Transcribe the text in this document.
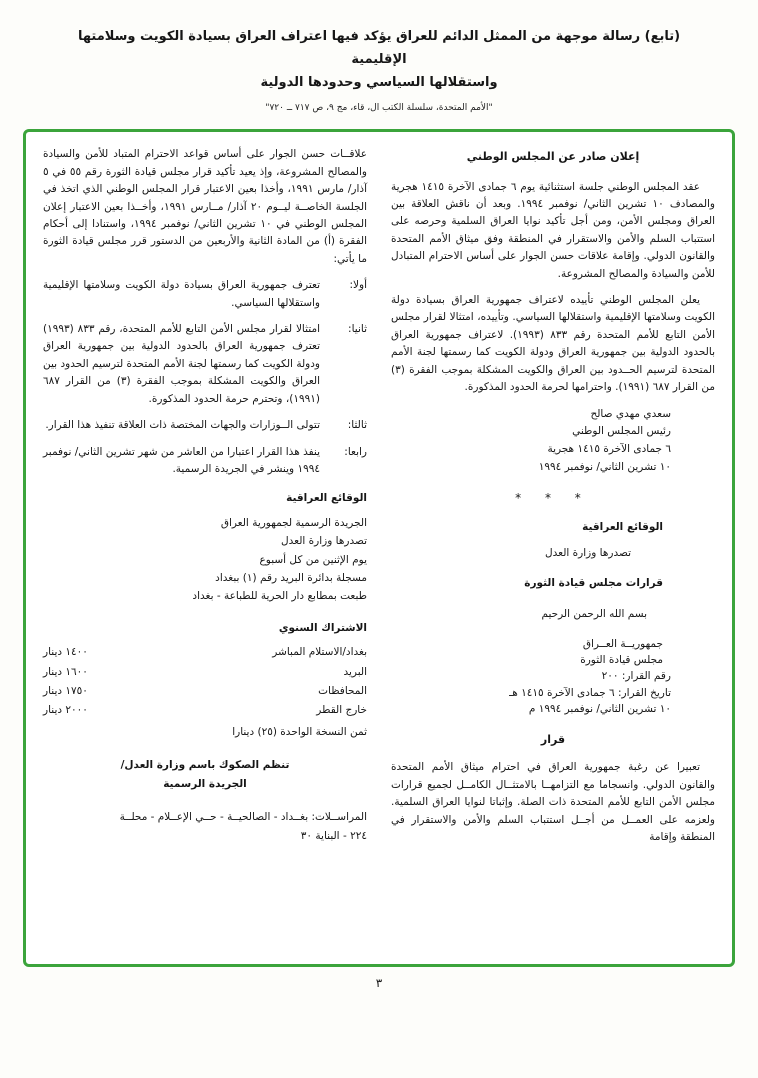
(تابع) رسالة موجهة من الممثل الدائم للعراق يؤكد فيها اعتراف العراق بسيادة الكويت وسلامتها الإقليمية
واستقلالها السياسي وحدودها الدولية
"الأمم المتحدة، سلسلة الكتب ال، قاء، مج ٩، ص ٧١٧ ــ ٧٢٠"
إعلان صادر عن المجلس الوطني

عقد المجلس الوطني جلسة استثنائية يوم ٦ جمادى الآخرة ١٤١٥ هجرية والمصادف ١٠ تشرين الثاني/ نوفمبر ١٩٩٤. وبعد أن ناقش العلاقة بين العراق ومجلس الأمن، ومن أجل تأكيد نوايا العراق السلمية وحرصه على استتباب السلم والأمن والاستقرار في المنطقة وفق ميثاق الأمم المتحدة والقانون الدولي. وإقامة علاقات حسن الجوار على أساس الاحترام المتبادل للأمن والسيادة والمصالح المشروعة.

يعلن المجلس الوطني تأييده لاعتراف جمهورية العراق بسيادة دولة الكويت وسلامتها الإقليمية واستقلالها السياسي. وتأييده، امتثالا لقرار مجلس الأمن التابع للأمم المتحدة رقم ٨٣٣ (١٩٩٣). لاعتراف جمهورية العراق بالحدود الدولية بين جمهورية العراق ودولة الكويت كما رسمتها لجنة الأمم المتحدة لترسيم الحــدود بين العراق والكويت المشكلة بموجب الفقرة (٣) من القرار ٦٨٧ (١٩٩١). واحترامها لحرمة الحدود المذكورة.

سعدي مهدي صالح
رئيس المجلس الوطني
٦ جمادى الآخرة ١٤١٥ هجرية
١٠ تشرين الثاني/ نوفمبر ١٩٩٤
* * *
الوقائع العراقية
تصدرها وزارة العدل
قرارات مجلس قيادة الثورة
بسم الله الرحمن الرحيم
جمهوريــة العــراق
مجلس قيادة الثورة
رقم القرار: ٢٠٠
تاريخ القرار: ٦ جمادى الآخرة ١٤١٥ هـ
١٠ تشرين الثاني/ نوفمبر ١٩٩٤ م
قرار

تعبيرا عن رغبة جمهورية العراق في احترام ميثاق الأمم المتحدة والقانون الدولي. وانسجاما مع التزامهــا بالامتثــال الكامــل لجميع قرارات مجلس الأمن التابع للأمم المتحدة ذات الصلة. وإثباتا لنوايا العراق السلمية. ولعزمه على العمــل من أجــل استتباب السلم والأمن والاستقرار في المنطقة وإقامة

علاقــات حسن الجوار على أساس قواعد الاحترام المتباد للأمن والسيادة والمصالح المشروعة، وإذ يعيد تأكيد قرار مجلس قيادة الثورة رقم ٥٥ في ٥ آذار/ مارس ١٩٩١، وأخذا بعين الاعتبار قرار المجلس الوطني الذي اتخذ في الجلسة الخاصــة ليــوم ٢٠ آذار/ مــارس ١٩٩١، وأخــذا بعين الاعتبار إعلان المجلس الوطني في ١٠ تشرين الثاني/ نوفمبر ١٩٩٤، واستنادا إلى أحكام الفقرة (أ) من المادة الثانية والأربعين من الدستور قرر مجلس قيادة الثورة ما يأتي:

أولا:
تعترف جمهورية العراق بسيادة دولة الكويت وسلامتها الإقليمية واستقلالها السياسي.
ثانيا:
امتثالا لقرار مجلس الأمن التابع للأمم المتحدة، رقم ٨٣٣ (١٩٩٣) تعترف جمهورية العراق بالحدود الدولية بين جمهورية العراق ودولة الكويت كما رسمتها لجنة الأمم المتحدة لترسيم الحدود بين العراق والكويت المشكلة بموجب الفقرة (٣) من القرار ٦٨٧ (١٩٩١)، وتحترم حرمة الحدود المذكورة.
ثالثا:
تتولى الــوزارات والجهات المختصة ذات العلاقة تنفيذ هذا القرار.
رابعا:
ينفذ هذا القرار اعتبارا من العاشر من شهر تشرين الثاني/ نوفمبر ١٩٩٤ وينشر في الجريدة الرسمية.
الوقائع العراقية
الجريدة الرسمية لجمهورية العراق
تصدرها وزارة العدل
يوم الإثنين من كل أسبوع
مسجلة بدائرة البريد رقم (١) ببغداد
طبعت بمطابع دار الحرية للطباعة - بغداد
الاشتراك السنوي
بغداد/الاستلام المباشر
١٤٠٠ دينار
البريد
١٦٠٠ دينار
المحافظات
١٧٥٠ دينار
خارج القطر
٢٠٠٠ دينار
ثمن النسخة الواحدة (٢٥) دينارا
تنظم الصكوك باسم وزارة العدل/
الجريدة الرسمية
المراســلات: بغــداد - الصالحيــة - حــي الإعــلام - محلــة
٢٢٤ - البناية ٣٠
٣
